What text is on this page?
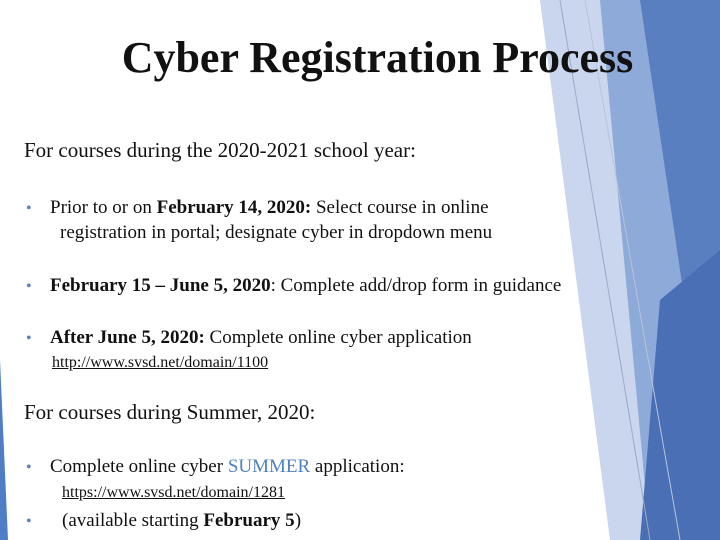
Cyber Registration Process
For courses during the 2020-2021 school year:
• Prior to or on February 14, 2020: Select course in online
registration in portal; designate cyber in dropdown menu
• February 15 – June 5, 2020: Complete add/drop form in guidance
• After June 5, 2020: Complete online cyber application
http://www.svsd.net/domain/1100
For courses during Summer, 2020:
• Complete online cyber SUMMER application:
https://www.svsd.net/domain/1281
• (available starting February 5)
